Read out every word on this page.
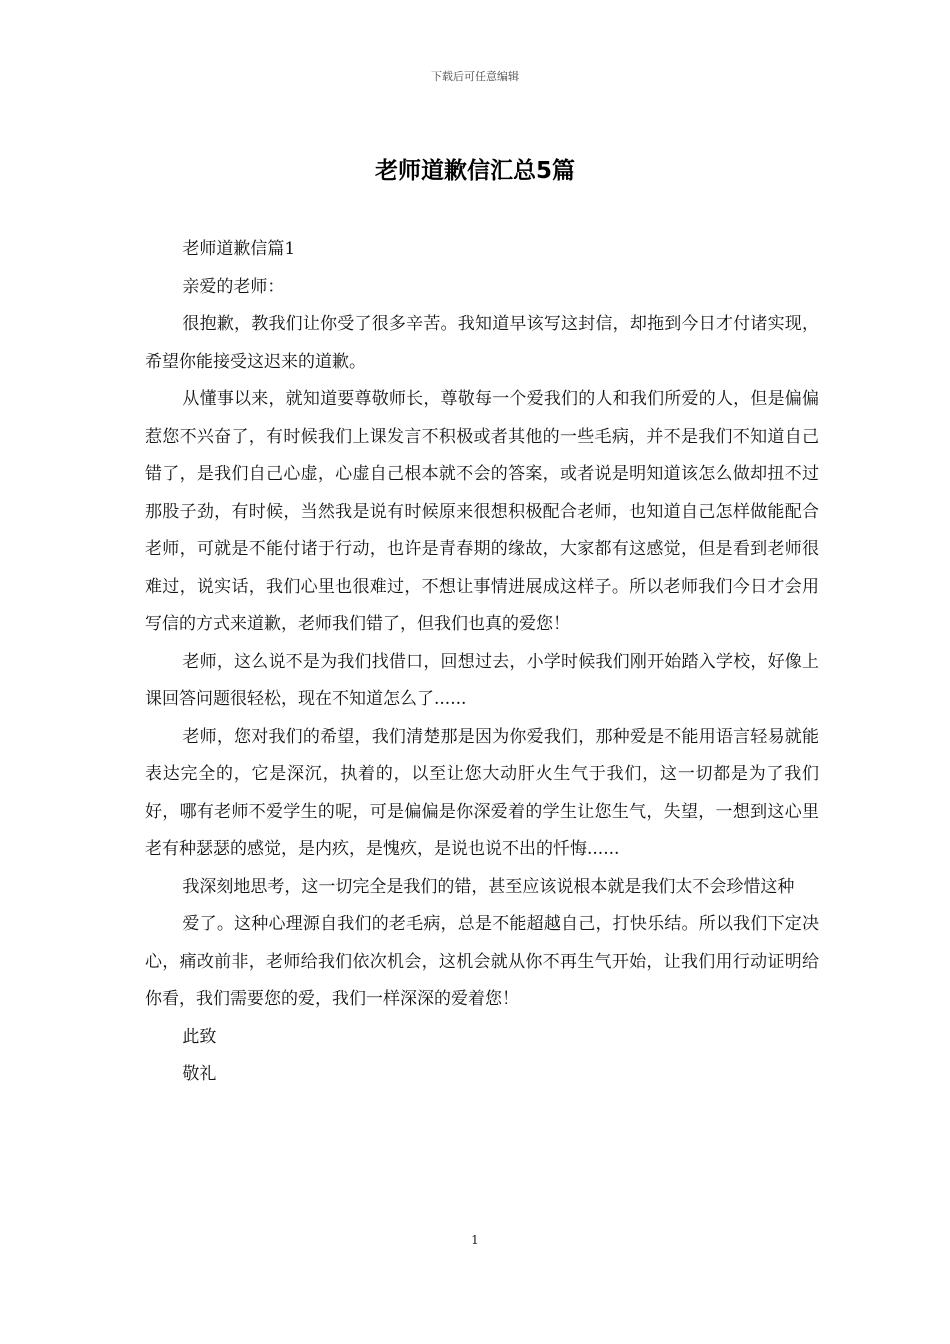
下载后可任意编辑
老师道歉信汇总5篇

老师道歉信篇1

亲爱的老师：

很抱歉，教我们让你受了很多辛苦。我知道早该写这封信，却拖到今日才付诸实现，希望你能接受这迟来的道歉。

从懂事以来，就知道要尊敬师长，尊敬每一个爱我们的人和我们所爱的人，但是偏偏惹您不兴奋了，有时候我们上课发言不积极或者其他的一些毛病，并不是我们不知道自己错了，是我们自己心虚，心虚自己根本就不会的答案，或者说是明知道该怎么做却扭不过那股子劲，有时候，当然我是说有时候原来很想积极配合老师，也知道自己怎样做能配合老师，可就是不能付诸于行动，也许是青春期的缘故，大家都有这感觉，但是看到老师很难过，说实话，我们心里也很难过，不想让事情进展成这样子。所以老师我们今日才会用写信的方式来道歉，老师我们错了，但我们也真的爱您！

老师，这么说不是为我们找借口，回想过去，小学时候我们刚开始踏入学校，好像上课回答问题很轻松，现在不知道怎么了......

老师，您对我们的希望，我们清楚那是因为你爱我们，那种爱是不能用语言轻易就能表达完全的，它是深沉，执着的，以至让您大动肝火生气于我们，这一切都是为了我们好，哪有老师不爱学生的呢，可是偏偏是你深爱着的学生让您生气，失望，一想到这心里老有种瑟瑟的感觉，是内疚，是愧疚，是说也说不出的忏悔......

我深刻地思考，这一切完全是我们的错，甚至应该说根本就是我们太不会珍惜这种

爱了。这种心理源自我们的老毛病，总是不能超越自己，打快乐结。所以我们下定决心，痛改前非，老师给我们依次机会，这机会就从你不再生气开始，让我们用行动证明给你看，我们需要您的爱，我们一样深深的爱着您！

此致

敬礼

1
